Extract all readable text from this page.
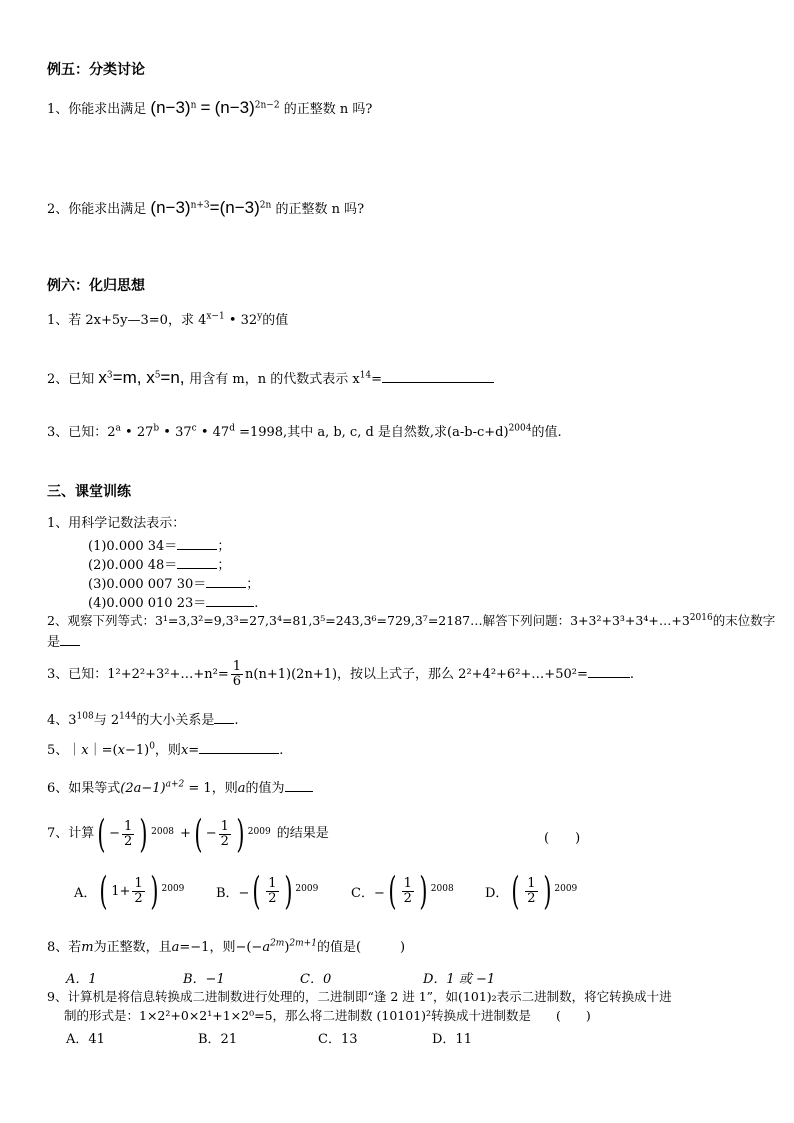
例五：分类讨论
1、你能求出满足 $(n-3)^n = (n-3)^{2n-2}$ 的正整数 n 吗?
2、你能求出满足 $(n-3)^{n+3}=(n-3)^{2n}$ 的正整数 n 吗?
例六：化归思想
1、若 2x+5y—3=0，求 $4^{x-1}$ • 32$^y$的值
2、已知 $x^3=m$, $x^5=n$, 用含有 m，n 的代数式表示 $x^{14}=$
3、已知：2$^a$ • 27$^b$ • 37$^c$ • $47^d =1998$,其中 a, b, c, d 是自然数,求$(a-b-c+d)^{2004}$的值.
三、课堂训练
1、用科学记数法表示：
(1)0.000 34＝	；
(2)0.000 48＝	；
(3)0.000 007 30＝	；
(4)0.000 010 23＝	.
2、观察下列等式：3¹=3,3²=9,3³=27,3⁴=81,3⁵=243,3⁶=729,3⁷=2187…解答下列问题：$3+3^2+3^3+3^4+\dots+3^{2016}$的末位数字
是
3、已知：1²+2²+3²+…+n²= $\frac{1}{6} n(n+1)(2n+1)$，按以上式子，那么 2²+4²+6²+…+50²=	.
4、$3^{108}$与 $2^{144}$的大小关系是 .
5、$|x|=(x-1)^0$，则x=	.
6、如果等式$(2a-1)^{a+2} = 1$，则a的值为
7、计算 ( − $\frac{1}{2}$ ) 2008 + ( − $\frac{1}{2}$ ) 2009 的结果是	(　　)
A． ( $1+ \frac{1}{2}$ ) 2009 B．− ( $\frac{1}{2}$ ) 2009	C．− ( $\frac{1}{2}$ ) 2008 D． ( $\frac{1}{2}$ ) 2009
8、若m为正整数，且a=−1，则$-(-a^{2m})^{2m+1}$的值是(　　　)
A．1	B．−1	C．0	D．1 或 −1
9、计算机是将信息转换成二进制数进行处理的，二进制即“逢 2 进 1”，如(101)₂表示二进制数，将它转换成十进
制的形式是：1×2²+0×2¹+1×2⁰=5，那么将二进制数 (10101)²转换成十进制数是　　(　　)
A．41	B．21	C．13	D．11
